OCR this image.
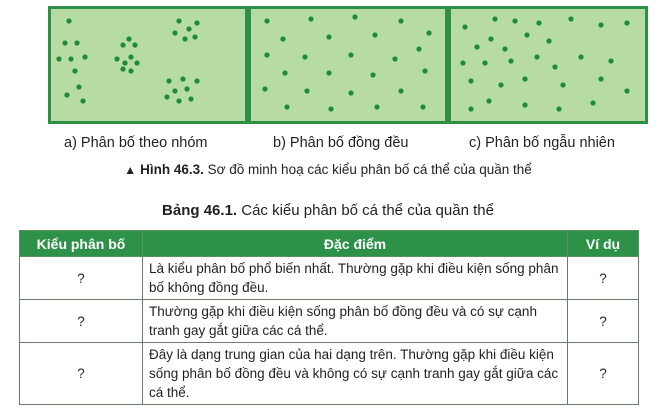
a) Phân bố theo nhóm	b) Phân bố đồng đều	c) Phân bố ngẫu nhiên
▲ Hình 46.3. Sơ đồ minh hoạ các kiểu phân bố cá thể của quần thể
Bảng 46.1. Các kiểu phân bố cá thể của quần thể
Kiểu phân bố	Đặc điểm	Ví dụ
?	Là kiểu phân bố phổ biến nhất. Thường gặp khi điều kiện sống phân bố không đồng đều.	?
?	Thường gặp khi điều kiện sống phân bố đồng đều và có sự cạnh tranh gay gắt giữa các cá thể.	?
?	Đây là dạng trung gian của hai dạng trên. Thường gặp khi điều kiện sống phân bố đồng đều và không có sự cạnh tranh gay gắt giữa các cá thể.	?
